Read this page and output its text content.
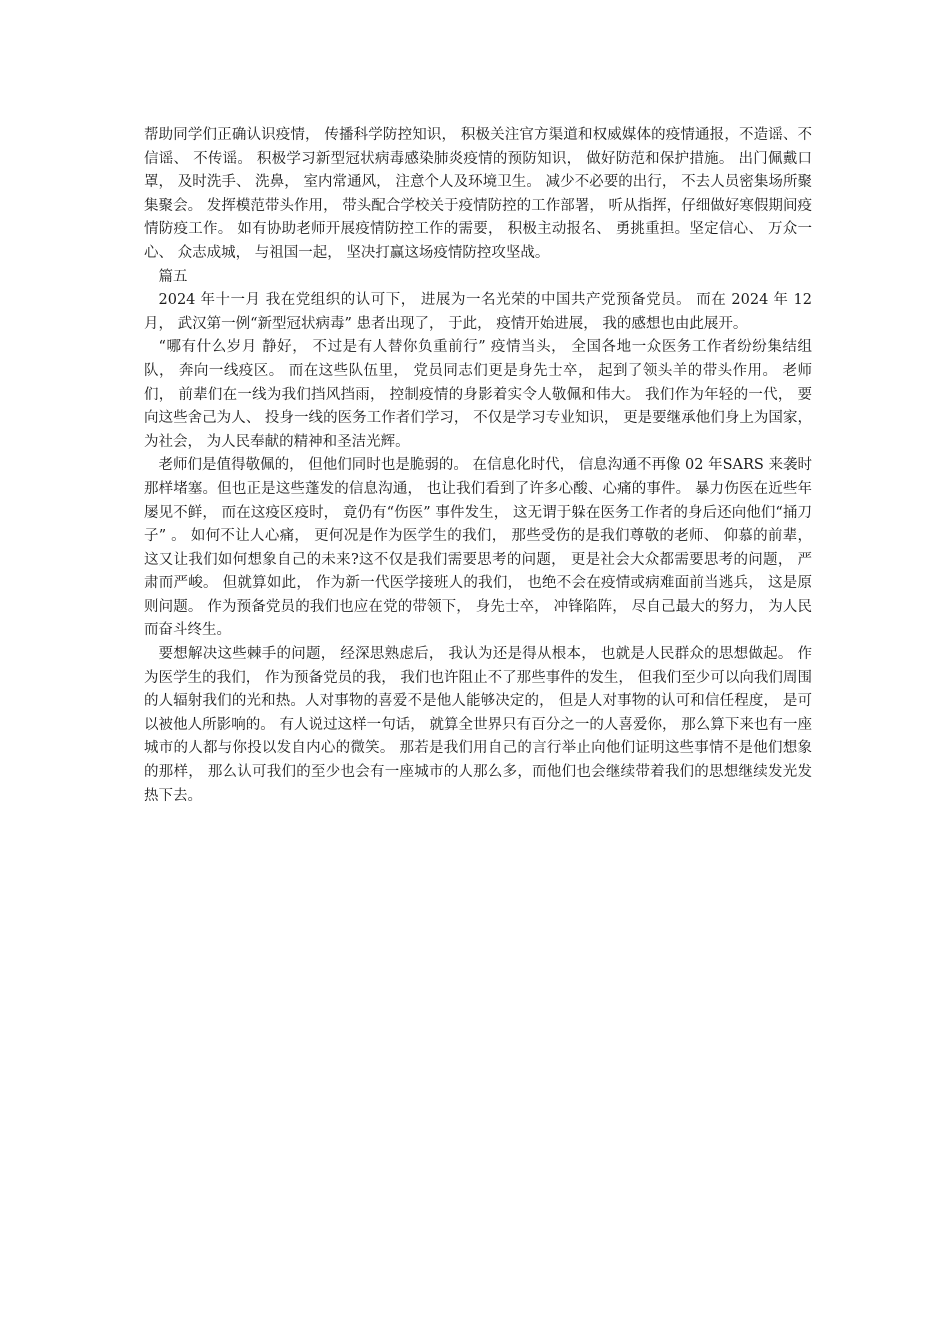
帮助同学们正确认识疫情， 传播科学防控知识， 积极关注官方渠道和权威媒体的疫情通报，不造谣、不信谣、 不传谣。 积极学习新型冠状病毒感染肺炎疫情的预防知识， 做好防范和保护措施。 出门佩戴口罩， 及时洗手、 洗鼻， 室内常通风， 注意个人及环境卫生。 减少不必要的出行， 不去人员密集场所聚集聚会。 发挥模范带头作用， 带头配合学校关于疫情防控的工作部署， 听从指挥，仔细做好寒假期间疫情防疫工作。 如有协助老师开展疫情防控工作的需要， 积极主动报名、 勇挑重担。坚定信心、 万众一心、 众志成城， 与祖国一起， 坚决打赢这场疫情防控攻坚战。

篇五

2024 年十一月 我在党组织的认可下， 进展为一名光荣的中国共产党预备党员。 而在 2024 年 12 月， 武汉第一例“新型冠状病毒” 患者出现了， 于此， 疫情开始进展， 我的感想也由此展开。

“哪有什么岁月 静好， 不过是有人替你负重前行” 疫情当头， 全国各地一众医务工作者纷纷集结组队， 奔向一线疫区。 而在这些队伍里， 党员同志们更是身先士卒， 起到了领头羊的带头作用。 老师们， 前辈们在一线为我们挡风挡雨， 控制疫情的身影着实令人敬佩和伟大。 我们作为年轻的一代， 要向这些舍己为人、 投身一线的医务工作者们学习， 不仅是学习专业知识， 更是要继承他们身上为国家， 为社会， 为人民奉献的精神和圣洁光辉。

老师们是值得敬佩的， 但他们同时也是脆弱的。 在信息化时代， 信息沟通不再像 02 年SARS 来袭时那样堵塞。但也正是这些蓬发的信息沟通， 也让我们看到了许多心酸、心痛的事件。 暴力伤医在近些年屡见不鲜， 而在这疫区疫时， 竟仍有“伤医” 事件发生， 这无谓于躲在医务工作者的身后还向他们“捅刀子” 。 如何不让人心痛， 更何况是作为医学生的我们， 那些受伤的是我们尊敬的老师、 仰慕的前辈， 这又让我们如何想象自己的未来?这不仅是我们需要思考的问题， 更是社会大众都需要思考的问题， 严肃而严峻。 但就算如此， 作为新一代医学接班人的我们， 也绝不会在疫情或病难面前当逃兵， 这是原则问题。 作为预备党员的我们也应在党的带领下， 身先士卒， 冲锋陷阵， 尽自己最大的努力， 为人民而奋斗终生。

要想解决这些棘手的问题， 经深思熟虑后， 我认为还是得从根本， 也就是人民群众的思想做起。 作为医学生的我们， 作为预备党员的我， 我们也许阻止不了那些事件的发生， 但我们至少可以向我们周围的人辐射我们的光和热。人对事物的喜爱不是他人能够决定的， 但是人对事物的认可和信任程度， 是可以被他人所影响的。 有人说过这样一句话， 就算全世界只有百分之一的人喜爱你， 那么算下来也有一座城市的人都与你投以发自内心的微笑。 那若是我们用自己的言行举止向他们证明这些事情不是他们想象的那样， 那么认可我们的至少也会有一座城市的人那么多，而他们也会继续带着我们的思想继续发光发热下去。
